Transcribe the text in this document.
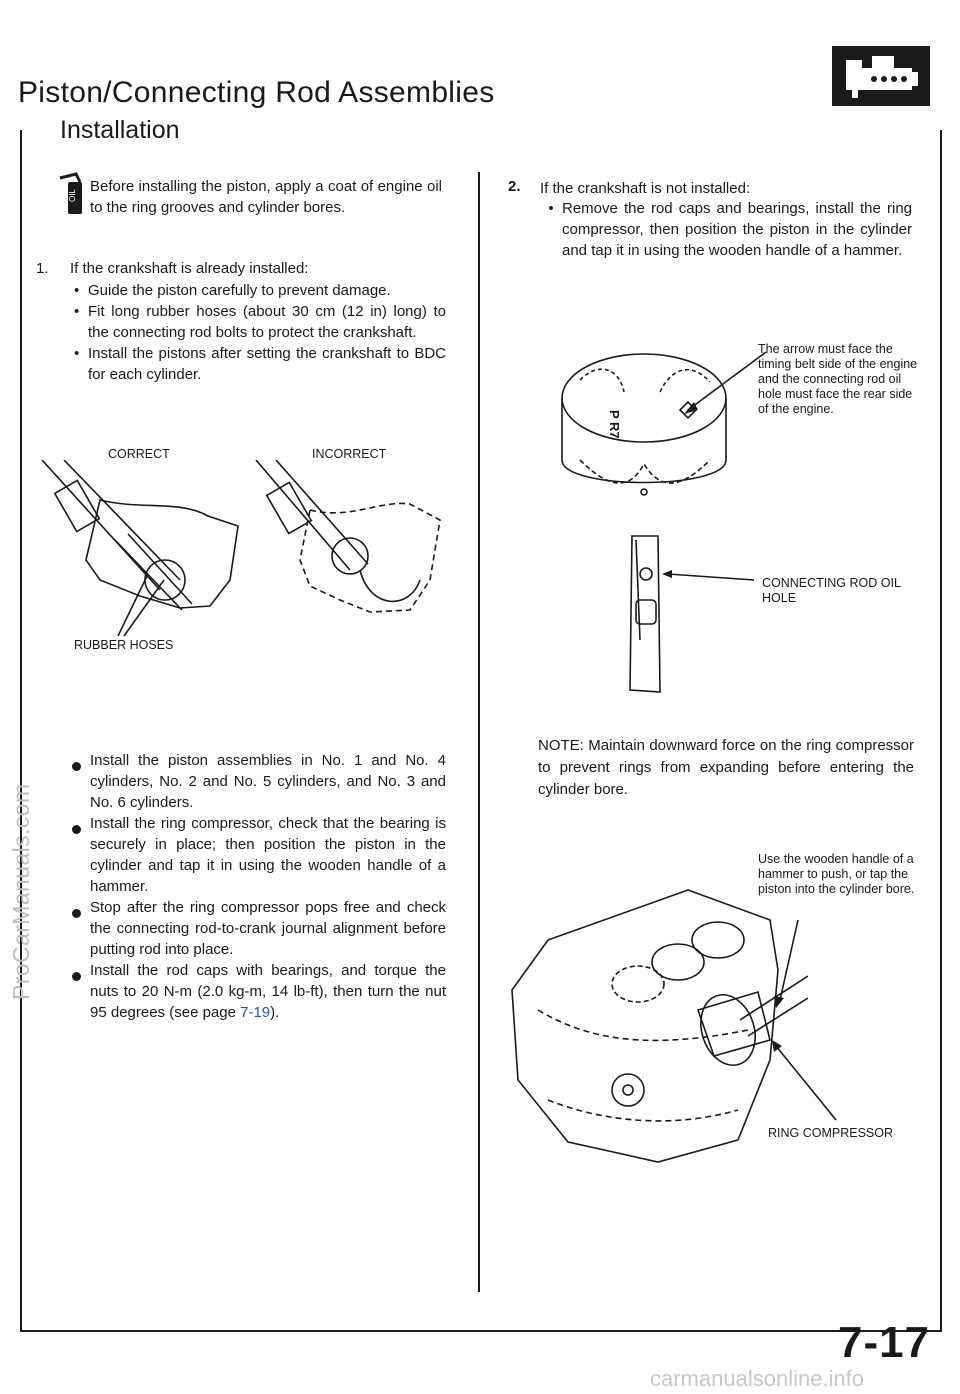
Piston/Connecting Rod Assemblies
Installation
OIL
Before installing the piston, apply a coat of engine oil to the ring grooves and cylinder bores.
1. If the crankshaft is already installed:
• Guide the piston carefully to prevent damage.
• Fit long rubber hoses (about 30 cm (12 in) long) to the connecting rod bolts to protect the crankshaft.
• Install the pistons after setting the crankshaft to BDC for each cylinder.
CORRECT	INCORRECT
RUBBER HOSES
Install the piston assemblies in No. 1 and No. 4 cylinders, No. 2 and No. 5 cylinders, and No. 3 and No. 6 cylinders.
Install the ring compressor, check that the bearing is securely in place; then position the piston in the cylinder and tap it in using the wooden handle of a hammer.
Stop after the ring compressor pops free and check the connecting rod-to-crank journal alignment before putting rod into place.
Install the rod caps with bearings, and torque the nuts to 20 N-m (2.0 kg-m, 14 lb-ft), then turn the nut 95 degrees (see page 7-19).
2. If the crankshaft is not installed:
• Remove the rod caps and bearings, install the ring compressor, then position the piston in the cylinder and tap it in using the wooden handle of a hammer.
P R7
The arrow must face the timing belt side of the engine and the connecting rod oil hole must face the rear side of the engine.
CONNECTING ROD OIL HOLE
NOTE: Maintain downward force on the ring compressor to prevent rings from expanding before entering the cylinder bore.
Use the wooden handle of a hammer to push, or tap the piston into the cylinder bore.
RING COMPRESSOR
7-17
ProCarManuals.com
carmanualsonline.info
